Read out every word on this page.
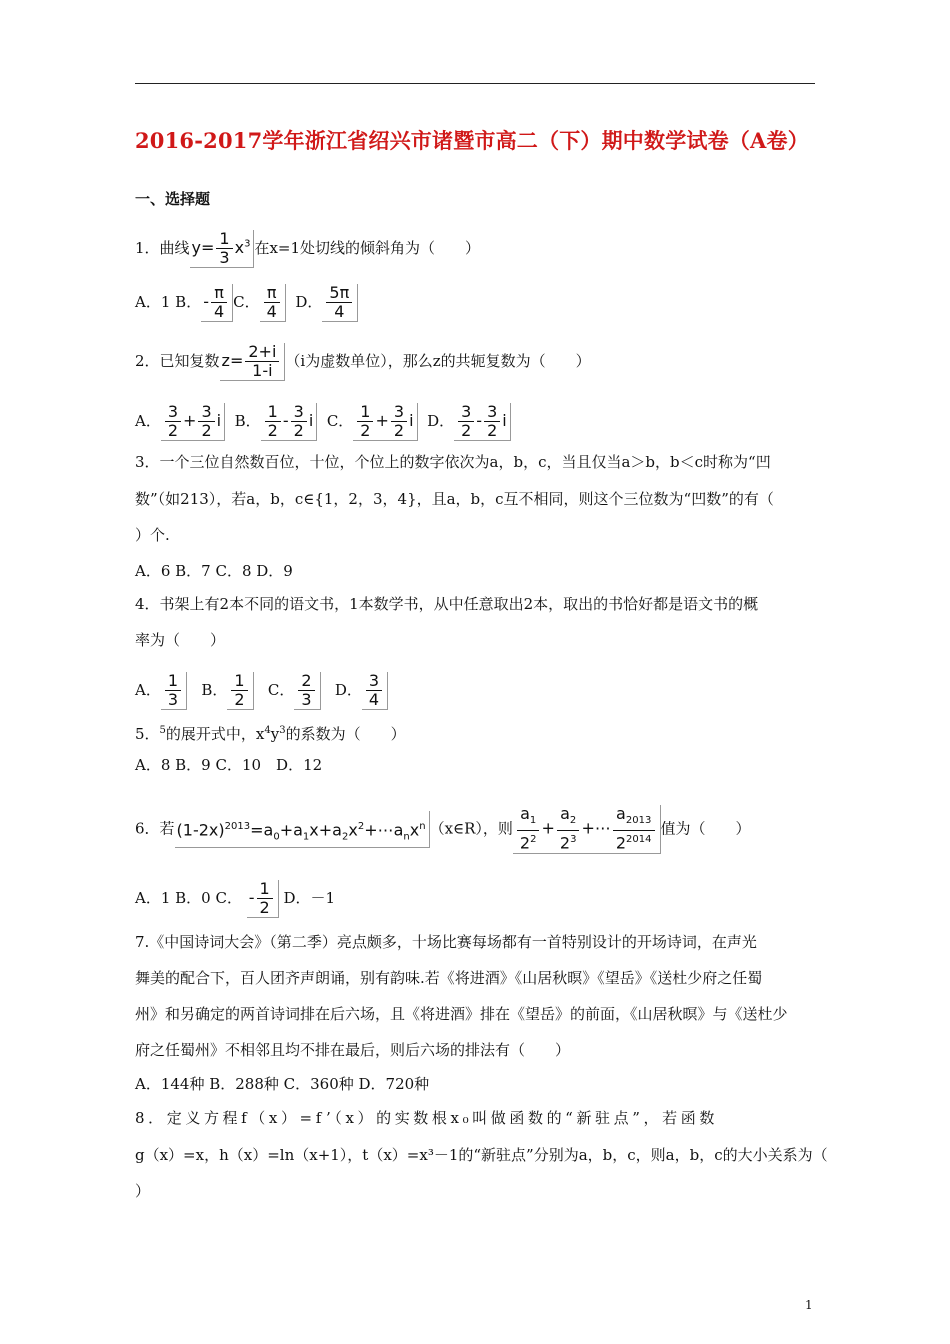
2016-2017学年浙江省绍兴市诸暨市高二（下）期中数学试卷（A卷）
一、选择题
1．曲线 $y= \frac{1}{3} x^3$ 在x=1处切线的倾斜角为（　　）
A．1 B． - $\frac{\pi}{4}$ C． $\frac{\pi}{4}$ D． $\frac{5\pi}{4}$
2．已知复数 $z= \frac{2+i}{1-i} (i$为虚数单位），那么z的共轭复数为（　　）
A． $\frac{3}{2} + \frac{3}{2}$ i B． $\frac{1}{2} - \frac{3}{2}$ i C． $\frac{1}{2} + \frac{3}{2}$ i D． $\frac{3}{2} - \frac{3}{2}$ i
3．一个三位自然数百位，十位，个位上的数字依次为a，b，c，当且仅当a＞b，b＜c时称为“凹
数”（如213），若a，b，c∈{1，2，3，4}，且a，b，c互不相同，则这个三位数为“凹数”的有（
）个.
A．6 B．7 C．8 D．9
4．书架上有2本不同的语文书，1本数学书，从中任意取出2本，取出的书恰好都是语文书的概
率为（　　）
A． $\frac{1}{3}$ B． $\frac{1}{2}$ C． $\frac{2}{3}$ D． $\frac{3}{4}$
5．$^5$的展开式中，$x^4y^3$的系数为（　　）
A．8 B．9 C．10　D．12
6．若 $(1-2x)^{2013}=a_0+a_1x+a_2x^2+\cdots a_nx^n$ （x∈R），则 $\frac{a_1}{2^2} + \frac{a_2}{2^3}$ +⋯ $\frac{a_{2013}}{2^{2014}}$ 值为（　　）
A．1 B．0 C． - $\frac{1}{2}$ D．－1
7.《中国诗词大会》（第二季）亮点颇多，十场比赛每场都有一首特别设计的开场诗词，在声光
舞美的配合下，百人团齐声朗诵，别有韵味.若《将进酒》《山居秋暝》《望岳》《送杜少府之任蜀
州》和另确定的两首诗词排在后六场，且《将进酒》排在《望岳》的前面，《山居秋暝》与《送杜少
府之任蜀州》不相邻且均不排在最后，则后六场的排法有（　　）
A．144种 B．288种 C．360种 D．720种
8．定义方程f（x）=f’（x）的实数根x₀叫做函数的“新驻点”，若函数
g（x）=x，h（x）=ln（x+1），t（x）=x³－1的“新驻点”分别为a，b，c，则a，b，c的大小关系为（
）
1
